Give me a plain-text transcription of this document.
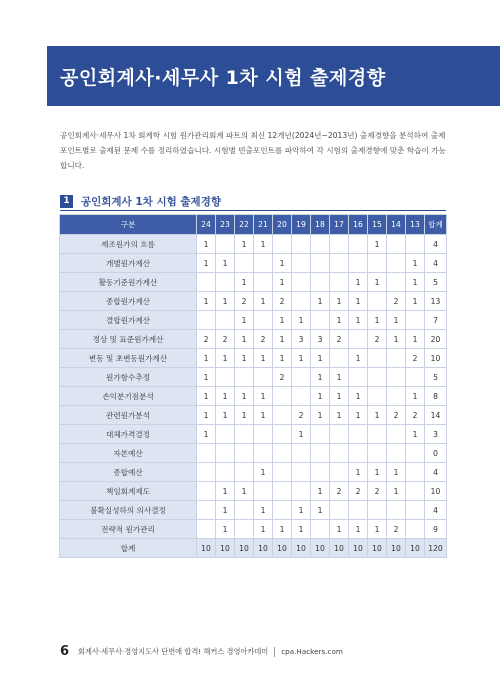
공인회계사·세무사 1차 시험 출제경향

공인회계사·세무사 1차 회계학 시험 원가관리회계 파트의 최신 12개년(2024년~2013년) 출제경향을 분석하여 출제 포인트별로 출제된 문제 수를 정리하였습니다. 시험별 빈출포인트를 파악하여 각 시험의 출제경향에 맞춘 학습이 가능합니다.

1	공인회계사 1차 시험 출제경향
구분	24	23	22	21	20	19	18	17	16	15	14	13	합계
제조원가의 흐름	1		1	1						1			4
개별원가계산	1	1			1							1	4
활동기준원가계산			1		1				1	1		1	5
종합원가계산	1	1	2	1	2		1	1	1		2	1	13
결합원가계산			1		1	1		1	1	1	1		7
정상 및 표준원가계산	2	2	1	2	1	3	3	2		2	1	1	20
변동 및 초변동원가계산	1	1	1	1	1	1	1		1			2	10
원가함수추정	1				2		1	1					5
손익분기점분석	1	1	1	1			1	1	1			1	8
관련원가분석	1	1	1	1		2	1	1	1	1	2	2	14
대체가격결정	1					1						1	3
자본예산													0
종합예산				1					1	1	1		4
책임회계제도		1	1				1	2	2	2	1		10
불확실성하의 의사결정		1		1		1	1						4
전략적 원가관리		1		1	1	1		1	1	1	2		9
합계	10	10	10	10	10	10	10	10	10	10	10	10	120
6 회계사·세무사·경영지도사 단번에 합격! 해커스 경영아카데미 cpa.Hackers.com
